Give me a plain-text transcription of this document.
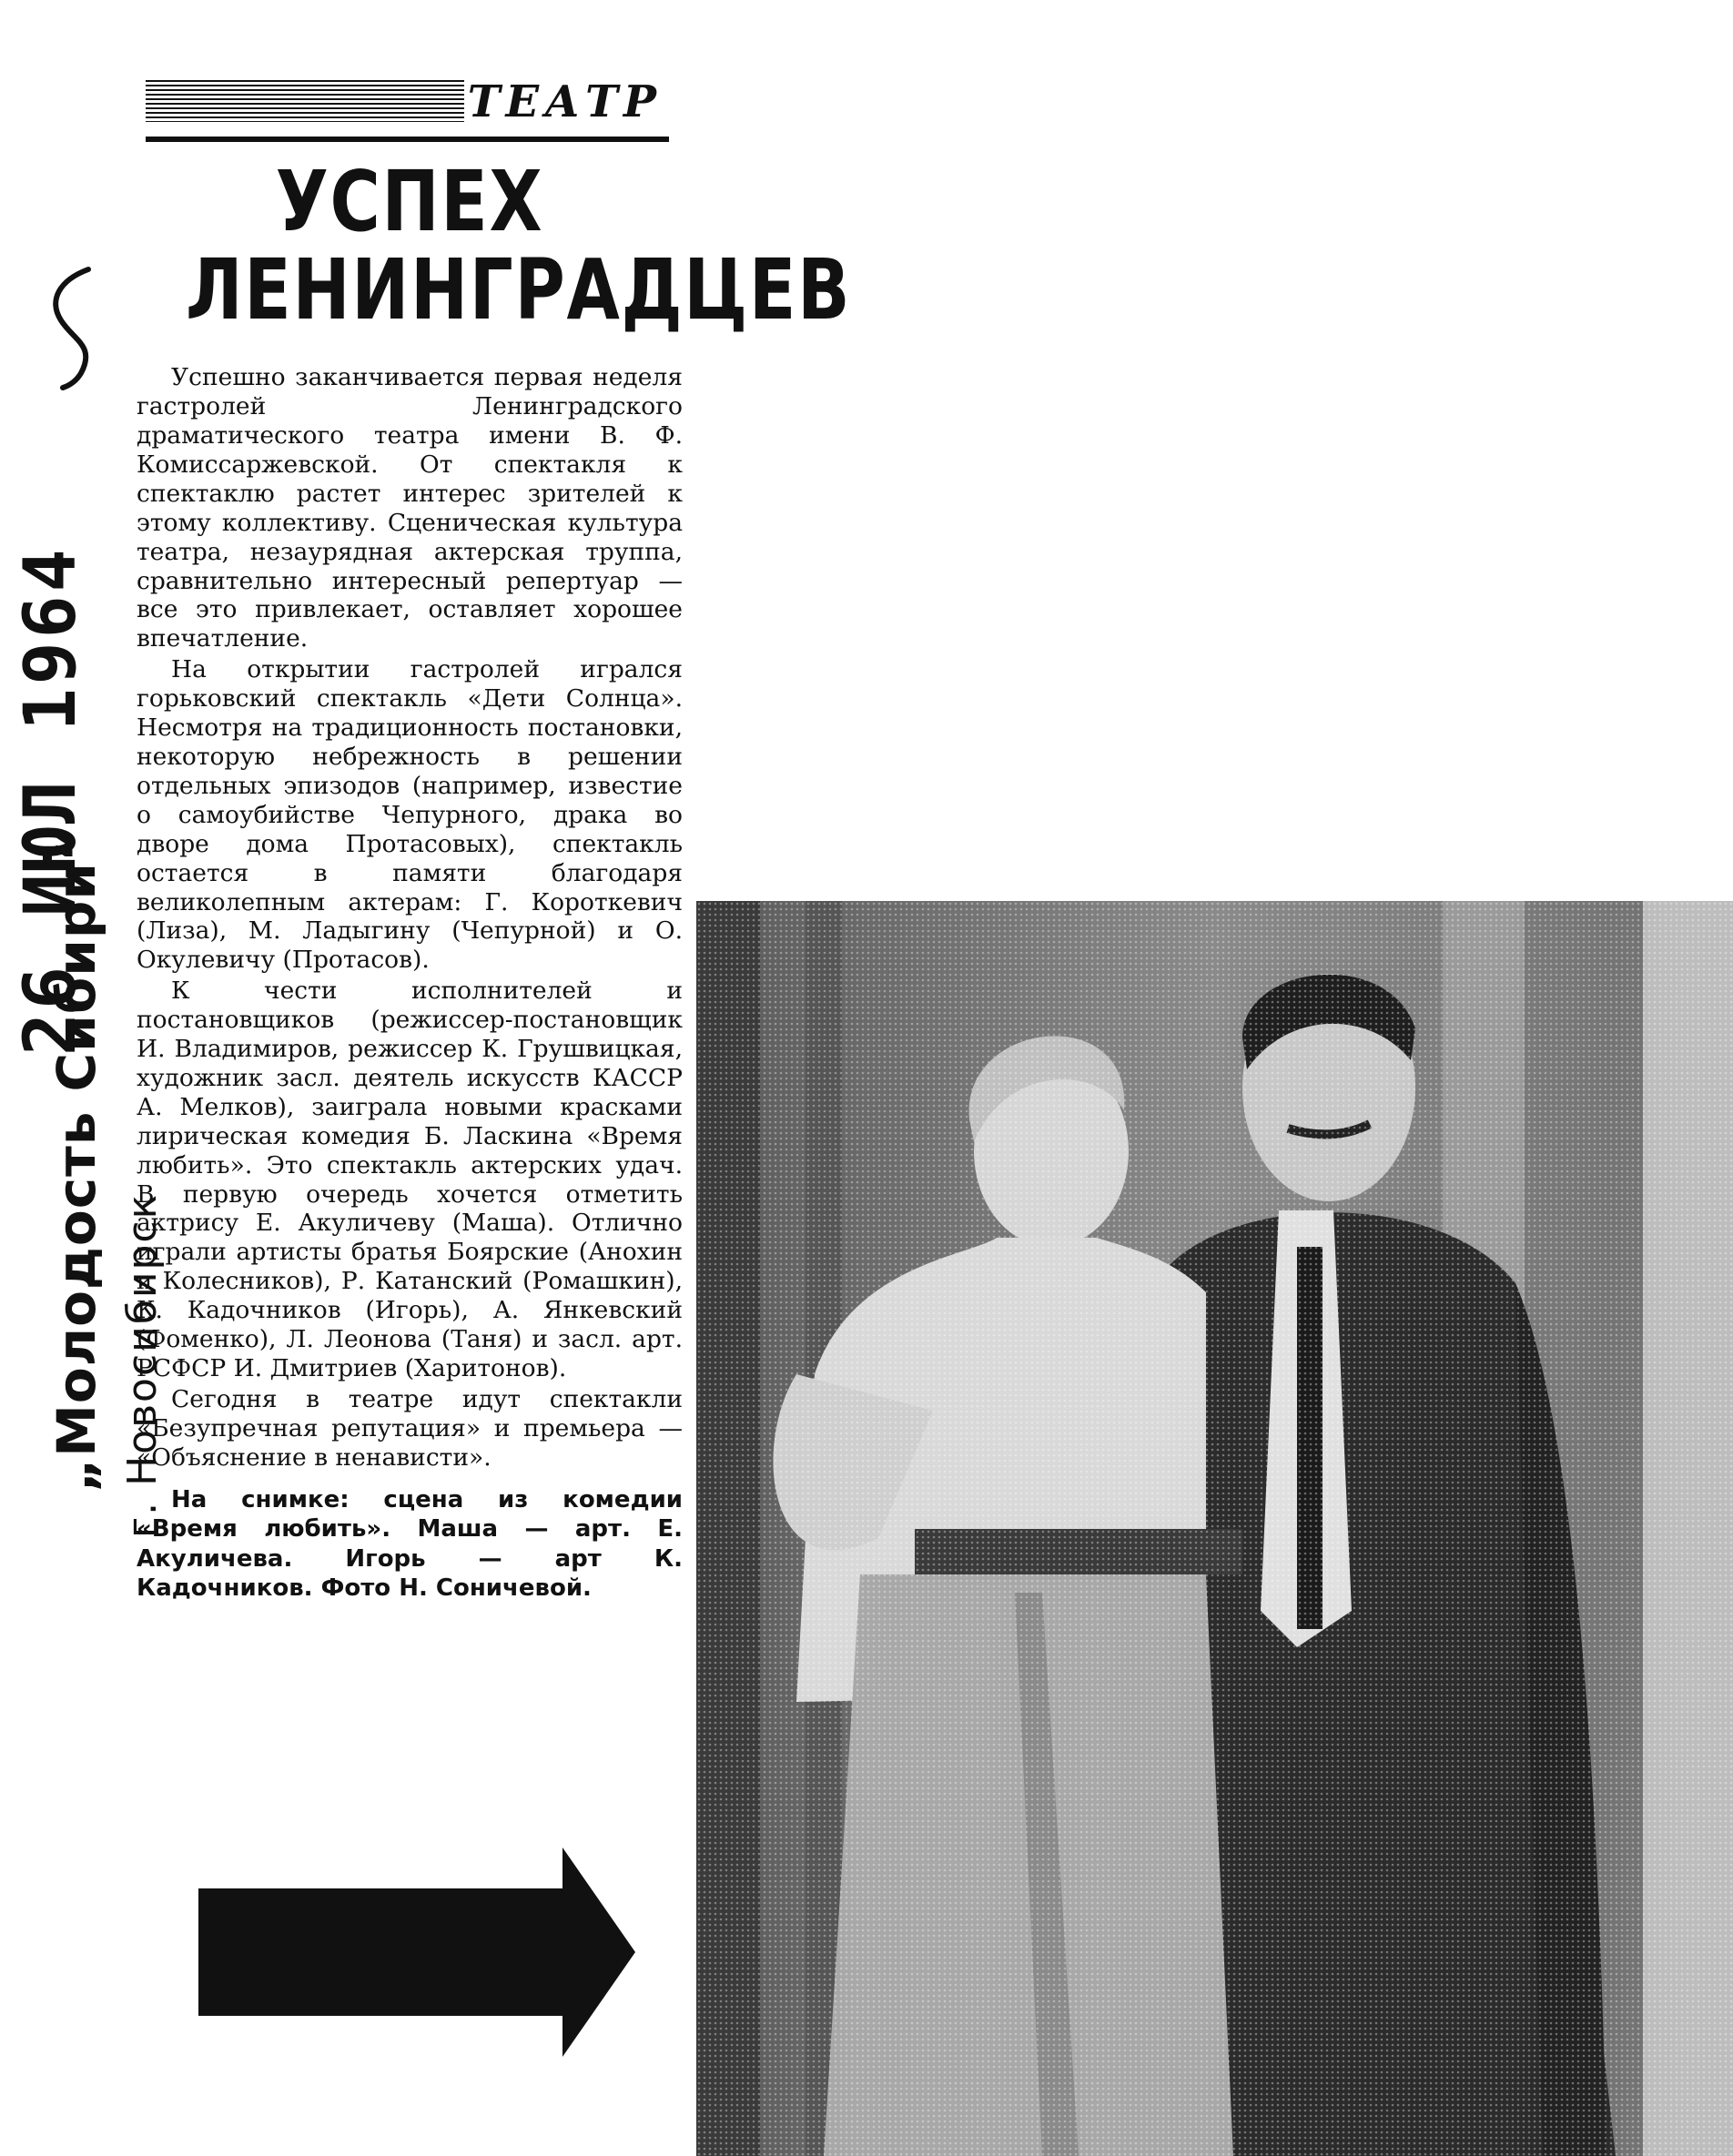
26 ИЮЛ 1964
„Молодость Сибири“ г. Новосибирск
ТЕАТР
УСПЕХ
ЛЕНИНГРАДЦЕВ

Успешно заканчивается первая неделя гастролей Ленинградского драматического театра имени В. Ф. Комиссаржевской. От спектакля к спектаклю растет интерес зрителей к этому коллективу. Сценическая культура театра, незаурядная актерская труппа, сравнительно интересный репертуар — все это привлекает, оставляет хорошее впечатление.

На открытии гастролей игрался горьковский спектакль «Дети Солнца». Несмотря на традиционность постановки, некоторую небрежность в решении отдельных эпизодов (например, известие о самоубийстве Чепурного, драка во дворе дома Протасовых), спектакль остается в памяти благодаря великолепным актерам: Г. Короткевич (Лиза), М. Ладыгину (Чепурной) и О. Окулевичу (Протасов).

К чести исполнителей и постановщиков (режиссер-постановщик И. Владимиров, режиссер К. Грушвицкая, художник засл. деятель искусств КАССР А. Мелков), заиграла новыми красками лирическая комедия Б. Ласкина «Время любить». Это спектакль актерских удач. В первую очередь хочется отметить актрису Е. Акуличеву (Маша). Отлично играли артисты братья Боярские (Анохин и Колесников), Р. Катанский (Ромашкин), К. Кадочников (Игорь), А. Янкевский (Фоменко), Л. Леонова (Таня) и засл. арт. РСФСР И. Дмитриев (Харитонов).

Сегодня в театре идут спектакли «Безупречная репутация» и премьера — «Объяснение в ненависти».

На снимке: сцена из комедии «Время любить». Маша — арт. Е. Акуличева. Игорь — арт К. Кадочников. Фото Н. Соничевой.
